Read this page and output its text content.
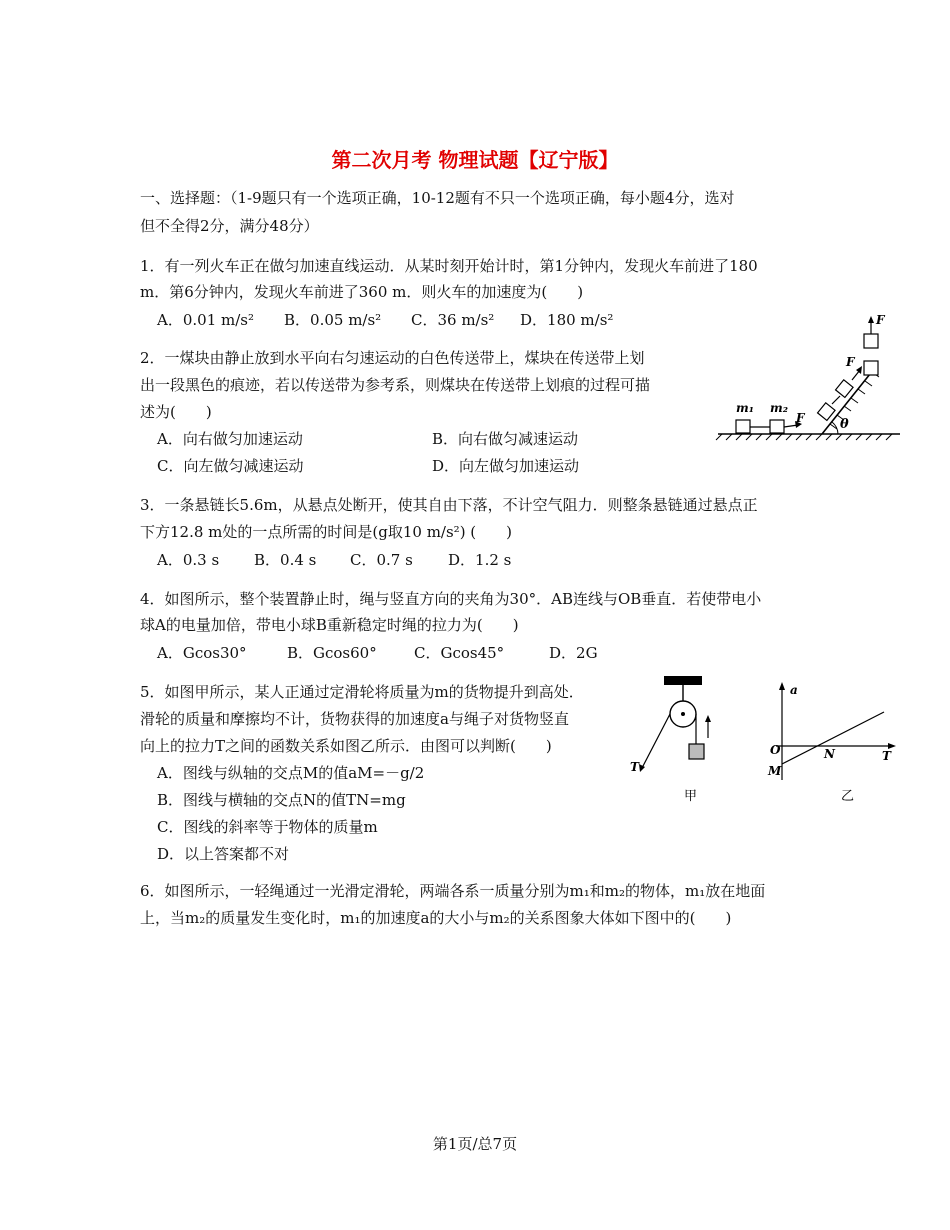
第二次月考 物理试题【辽宁版】
一、选择题：（1-9题只有一个选项正确，10-12题有不只一个选项正确，每小题4分，选对
但不全得2分，满分48分）
1．有一列火车正在做匀加速直线运动．从某时刻开始计时，第1分钟内，发现火车前进了180
m．第6分钟内，发现火车前进了360 m．则火车的加速度为(　　)
A．0.01 m/s² B．0.05 m/s² C．36 m/s² D．180 m/s²
2．一煤块由静止放到水平向右匀速运动的白色传送带上，煤块在传送带上划
出一段黑色的痕迹，若以传送带为参考系，则煤块在传送带上划痕的过程可描
述为(　　)
A．向右做匀加速运动	B．向右做匀减速运动
C．向左做匀减速运动	D．向左做匀加速运动
m₁ m₂
F
F
θ
F
3．一条悬链长5.6m，从悬点处断开，使其自由下落，不计空气阻力．则整条悬链通过悬点正
下方12.8 m处的一点所需的时间是(g取10 m/s²) (　　)
A．0.3 s B．0.4 s C．0.7 s D．1.2 s
4．如图所示，整个装置静止时，绳与竖直方向的夹角为30°．AB连线与OB垂直．若使带电小
球A的电量加倍，带电小球B重新稳定时绳的拉力为(　　)
A．Gcos30°	B．Gcos60° C．Gcos45°	D．2G
5．如图甲所示，某人正通过定滑轮将质量为m的货物提升到高处．
滑轮的质量和摩擦均不计，货物获得的加速度a与绳子对货物竖直
向上的拉力T之间的函数关系如图乙所示．由图可以判断(　　)
A．图线与纵轴的交点M的值aM=－g/2
B．图线与横轴的交点N的值TN=mg
C．图线的斜率等于物体的质量m
D．以上答案都不对
T
甲
a
O
M
N	T
乙
6．如图所示，一轻绳通过一光滑定滑轮，两端各系一质量分别为m₁和m₂的物体，m₁放在地面
上，当m₂的质量发生变化时，m₁的加速度a的大小与m₂的关系图象大体如下图中的(　　)
第1页/总7页
